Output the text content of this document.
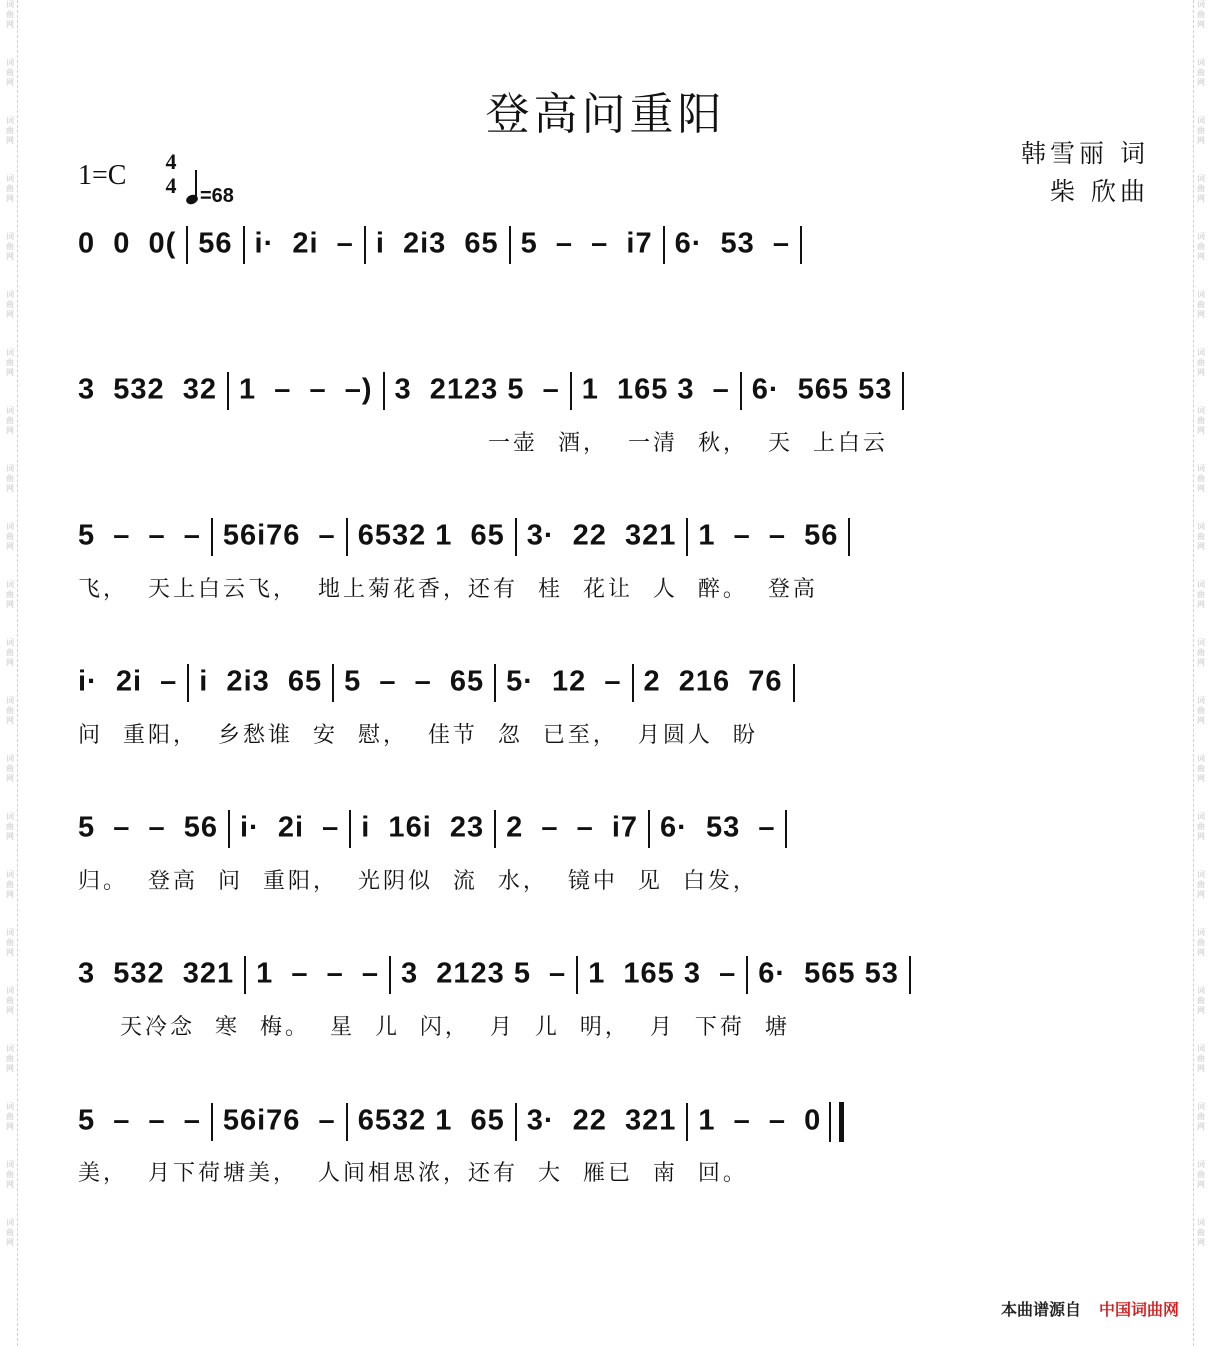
词曲网
词曲网
词曲网
词曲网
词曲网
词曲网
词曲网
词曲网
词曲网
词曲网
词曲网
词曲网
词曲网
词曲网
词曲网
词曲网
词曲网
词曲网
词曲网
词曲网
词曲网
词曲网
词曲网
词曲网
词曲网
词曲网
词曲网
词曲网
词曲网
词曲网
词曲网
词曲网
词曲网
词曲网
词曲网
词曲网
词曲网
词曲网
词曲网
词曲网
词曲网
词曲网
词曲网
词曲网
登高问重阳
韩雪丽 词
柴 欣曲
1=C 4
4	=68
0  0  0( 56 i·  2i  – i  2i3  65 5  –  –  i7 6·  53  –
3  532  32 1  –  –  –) 3  2123 5  – 1  165 3  – 6·  565 53
一壶  酒，  一清  秋，  天  上白云
5  –  –  – 56i76  – 6532 1  65 3·  22  321 1  –  –  56
飞，  天上白云飞，  地上菊花香，还有  桂  花让  人  醉。  登高
i·  2i  – i  2i3  65 5  –  –  65 5·  12  – 2  216  76
问  重阳，  乡愁谁  安  慰，  佳节  忽  已至，  月圆人  盼
5  –  –  56 i·  2i  – i  16i  23 2  –  –  i7 6·  53  –
归。  登高  问  重阳，  光阴似  流  水，  镜中  见  白发，
3  532  321 1  –  –  – 3  2123 5  – 1  165 3  – 6·  565 53
天冷念  寒  梅。  星  儿  闪，  月  儿  明，  月  下荷  塘
5  –  –  – 56i76  – 6532 1  65 3·  22  321 1  –  –  0
美，  月下荷塘美，  人间相思浓，还有  大  雁已  南  回。
本曲谱源自 中国词曲网
